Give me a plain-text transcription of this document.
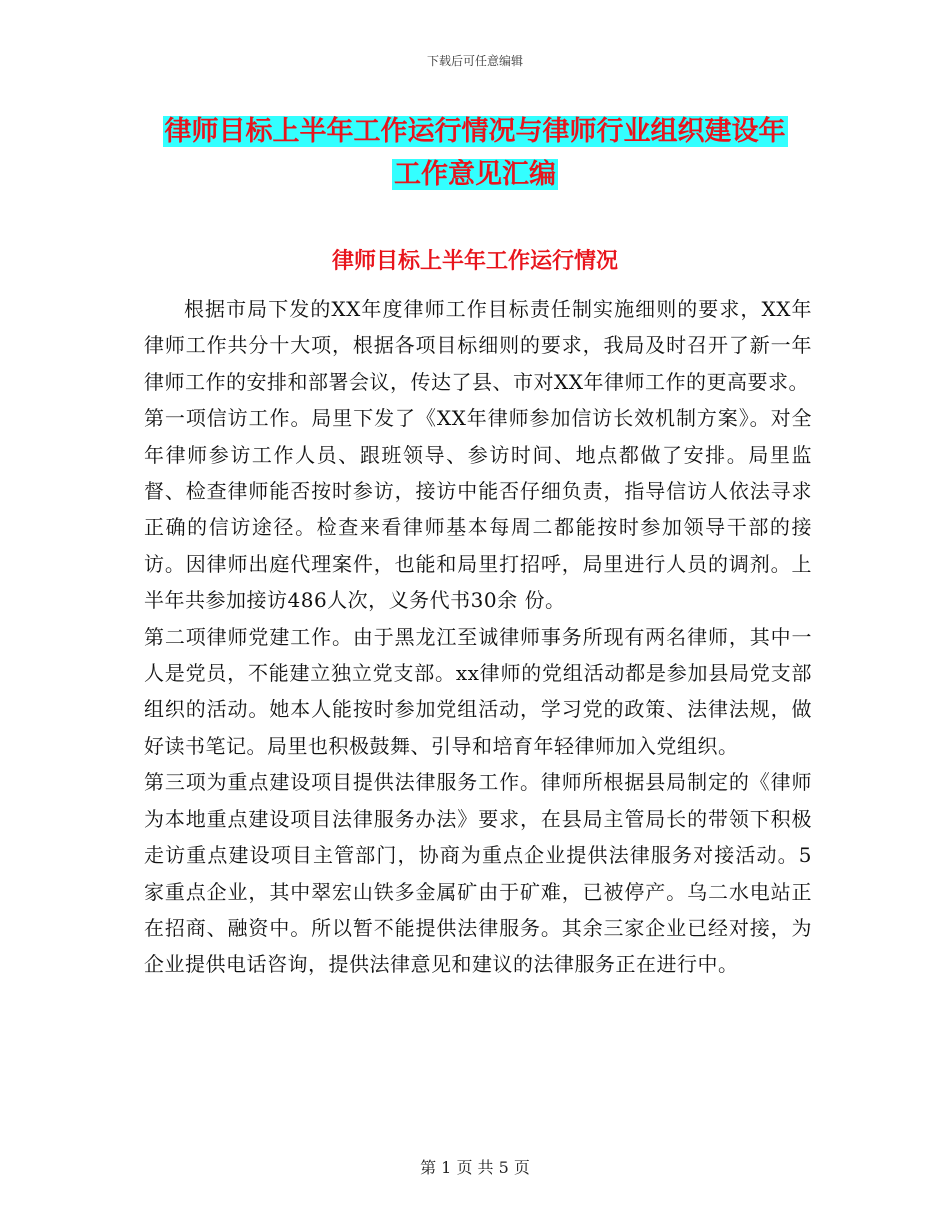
下载后可任意编辑
律师目标上半年工作运行情况与律师行业组织建设年
工作意见汇编
律师目标上半年工作运行情况

根据市局下发的XX年度律师工作目标责任制实施细则的要求，XX年律师工作共分十大项，根据各项目标细则的要求，我局及时召开了新一年律师工作的安排和部署会议，传达了县、市对XX年律师工作的更高要求。

第一项信访工作。局里下发了《XX年律师参加信访长效机制方案》。对全年律师参访工作人员、跟班领导、参访时间、地点都做了安排。局里监督、检查律师能否按时参访，接访中能否仔细负责，指导信访人依法寻求正确的信访途径。检查来看律师基本每周二都能按时参加领导干部的接访。因律师出庭代理案件，也能和局里打招呼，局里进行人员的调剂。上半年共参加接访486人次，义务代书30余 份。

第二项律师党建工作。由于黑龙江至诚律师事务所现有两名律师，其中一人是党员，不能建立独立党支部。xx律师的党组活动都是参加县局党支部组织的活动。她本人能按时参加党组活动，学习党的政策、法律法规，做好读书笔记。局里也积极鼓舞、引导和培育年轻律师加入党组织。

第三项为重点建设项目提供法律服务工作。律师所根据县局制定的《律师为本地重点建设项目法律服务办法》要求，在县局主管局长的带领下积极走访重点建设项目主管部门，协商为重点企业提供法律服务对接活动。5家重点企业，其中翠宏山铁多金属矿由于矿难，已被停产。乌二水电站正在招商、融资中。所以暂不能提供法律服务。其余三家企业已经对接，为企业提供电话咨询，提供法律意见和建议的法律服务正在进行中。

第 1 页 共 5 页
